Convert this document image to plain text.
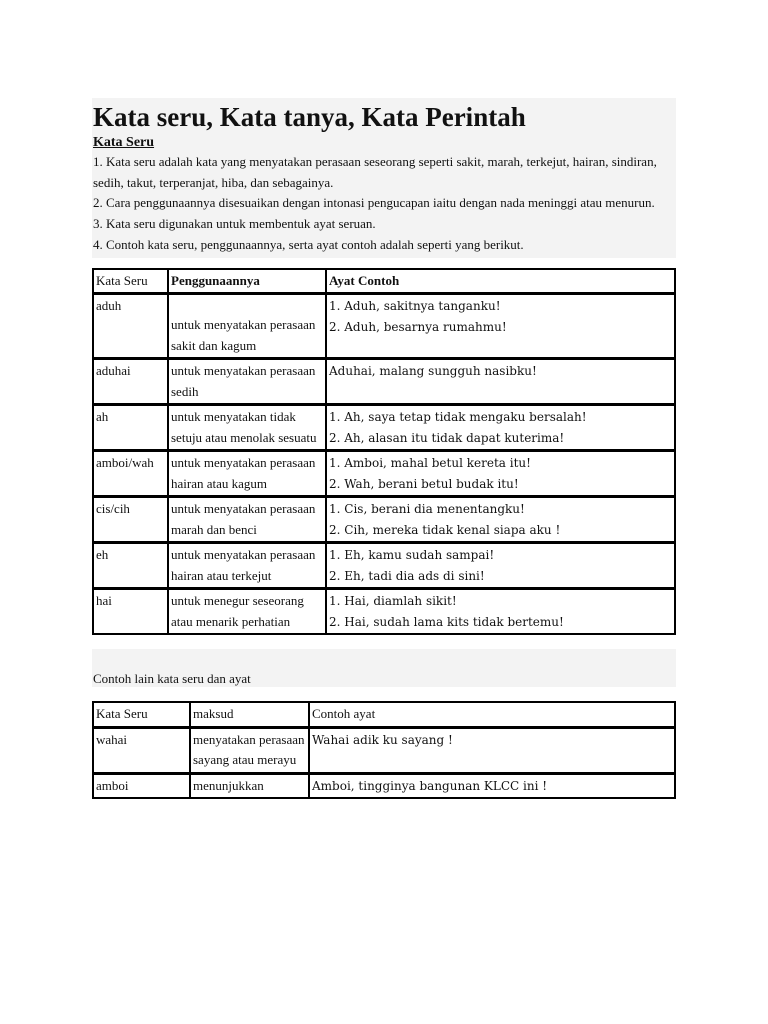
Kata seru, Kata tanya, Kata Perintah
Kata Seru

1. Kata seru adalah kata yang menyatakan perasaan seseorang seperti sakit, marah, terkejut, hairan, sindiran, sedih, takut, terperanjat, hiba, dan sebagainya.

2. Cara penggunaannya disesuaikan dengan intonasi pengucapan iaitu dengan nada meninggi atau menurun.

3. Kata seru digunakan untuk membentuk ayat seruan.

4. Contoh kata seru, penggunaannya, serta ayat contoh adalah seperti yang berikut.

Kata Seru	Penggunaannya	Ayat Contoh
aduh	untuk menyatakan perasaan sakit dan kagum	1. Aduh, sakitnya tanganku!
2. Aduh, besarnya rumahmu!

aduhai	untuk menyatakan perasaan sedih	Aduhai, malang sungguh nasibku!

ah	untuk menyatakan tidak setuju atau menolak sesuatu	1. Ah, saya tetap tidak mengaku bersalah!
2. Ah, alasan itu tidak dapat kuterima!

amboi/wah	untuk menyatakan perasaan hairan atau kagum	1. Amboi, mahal betul kereta itu!
2. Wah, berani betul budak itu!

cis/cih	untuk menyatakan perasaan marah dan benci	1. Cis, berani dia menentangku!
2. Cih, mereka tidak kenal siapa aku !

eh	untuk menyatakan perasaan hairan atau terkejut	1. Eh, kamu sudah sampai!
2. Eh, tadi dia ads di sini!

hai	untuk menegur seseorang atau menarik perhatian	1. Hai, diamlah sikit!
2. Hai, sudah lama kits tidak bertemu!
Contoh lain kata seru dan ayat
Kata Seru	maksud	Contoh ayat
wahai	menyatakan perasaan sayang atau merayu	Wahai adik ku sayang !
amboi	menunjukkan	Amboi, tingginya bangunan KLCC ini !
